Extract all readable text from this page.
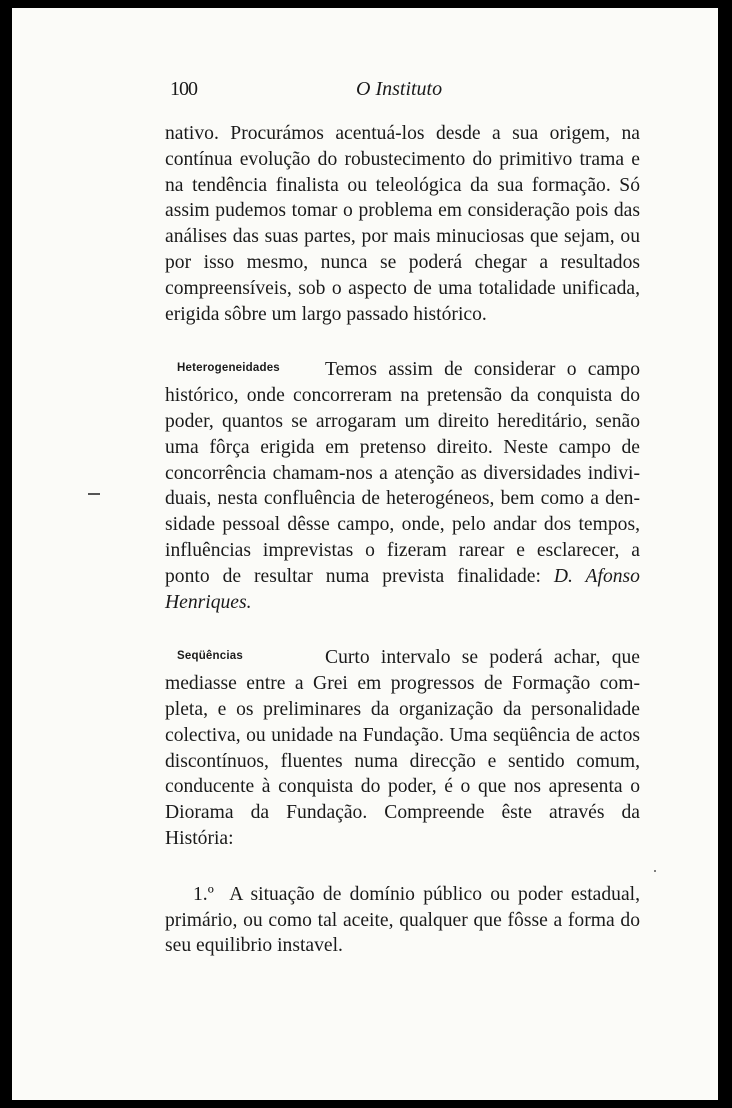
100	O Instituto

nativo. Procurámos acentuá-los desde a sua origem, na contínua evolução do robustecimento do primitivo trama e na tendência finalista ou teleológica da sua formação. Só assim pudemos tomar o problema em consideração pois das análises das suas partes, por mais minuciosas que sejam, ou por isso mesmo, nunca se poderá chegar a resultados compreensíveis, sob o aspecto de uma totalidade unificada, erigida sôbre um largo passado histórico.

Heterogeneidades	Temos assim de considerar o campo histórico, onde concorreram na pretensão da conquista do poder, quantos se arrogaram um direito hereditário, senão uma fôrça erigida em pretenso direito. Neste campo de concorrência chamam-nos a atenção as diversidades indivi-duais, nesta confluência de heterogéneos, bem como a den-sidade pessoal dêsse campo, onde, pelo andar dos tempos, influências imprevistas o fizeram rarear e esclarecer, a ponto de resultar numa prevista finalidade: D. Afonso Henriques.

Seqüências	Curto intervalo se poderá achar, que mediasse entre a Grei em progressos de Formação com-pleta, e os preliminares da organização da personalidade colectiva, ou unidade na Fundação. Uma seqüência de actos discontínuos, fluentes numa direcção e sentido comum, conducente à conquista do poder, é o que nos apresenta o Diorama da Fundação. Compreende êste através da História:

1.º A situação de domínio público ou poder estadual, primário, ou como tal aceite, qualquer que fôsse a forma do seu equilibrio instavel.
